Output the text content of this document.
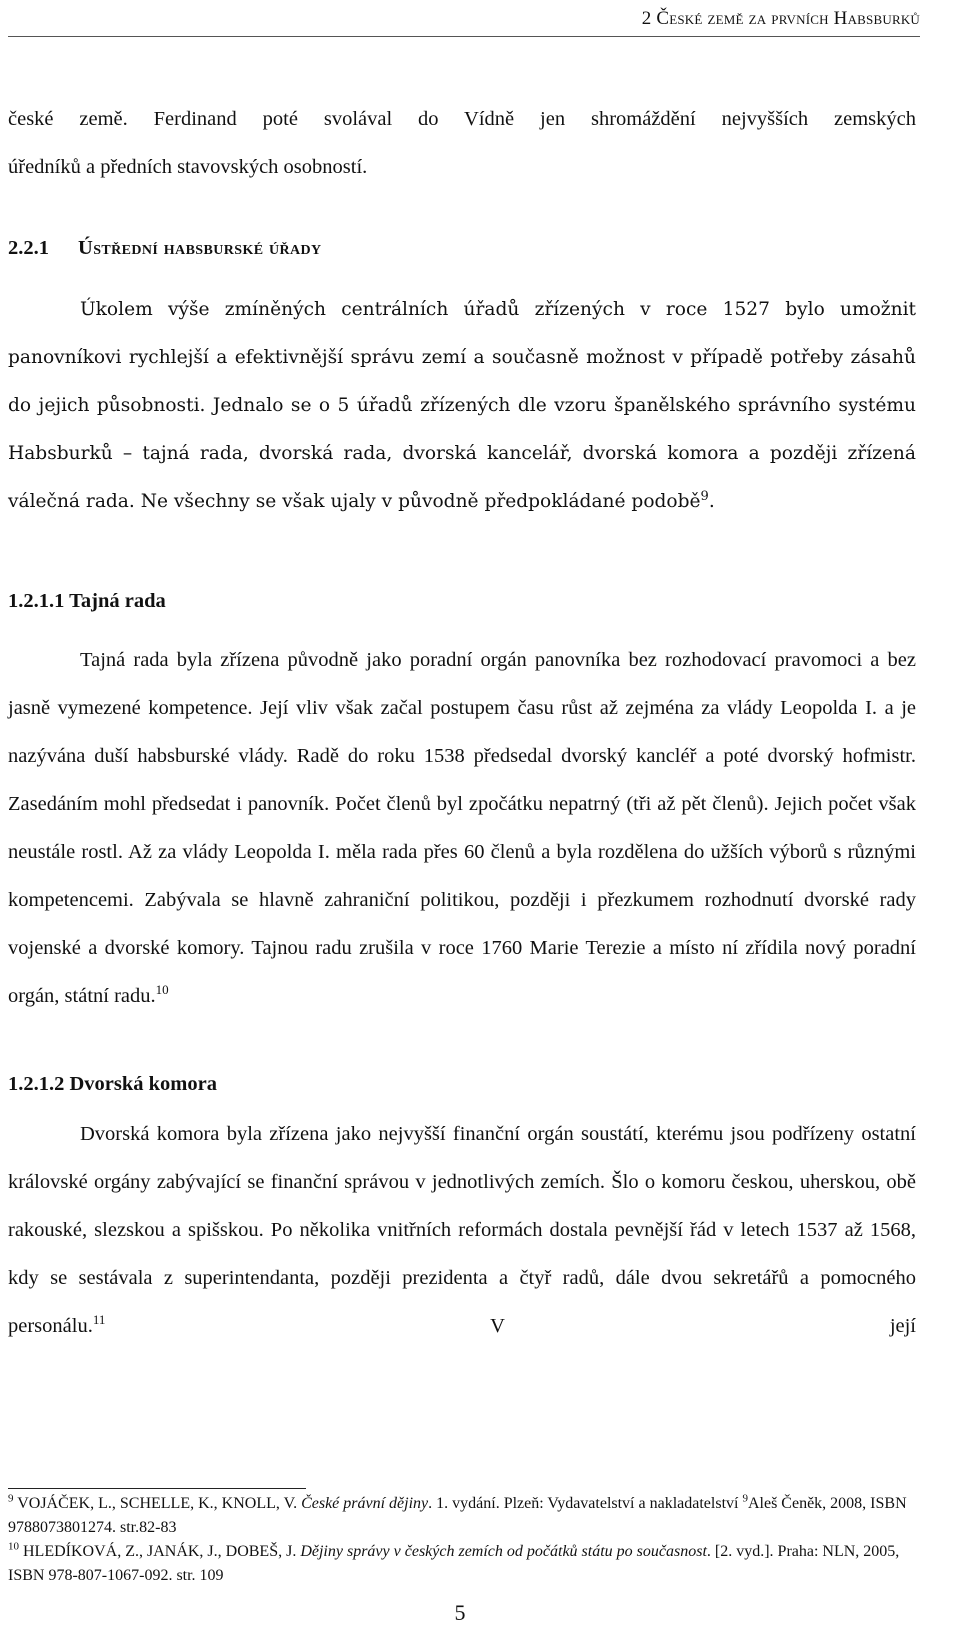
2 České země za prvních Habsburků

české země. Ferdinand poté svolával do Vídně jen shromáždění nejvyšších zemských

úředníků a předních stavovských osobností.

2.2.1 Ústřední habsburské úřady

Úkolem výše zmíněných centrálních úřadů zřízených v roce 1527 bylo umožnit panovníkovi rychlejší a efektivnější správu zemí a současně možnost v případě potřeby zásahů do jejich působnosti. Jednalo se o 5 úřadů zřízených dle vzoru španělského správního systému Habsburků – tajná rada, dvorská rada, dvorská kancelář, dvorská komora a později zřízená válečná rada. Ne všechny se však ujaly v původně předpokládané podobě$^9$.

1.2.1.1 Tajná rada

Tajná rada byla zřízena původně jako poradní orgán panovníka bez rozhodovací pravomoci a bez jasně vymezené kompetence. Její vliv však začal postupem času růst až zejména za vlády Leopolda I. a je nazývána duší habsburské vlády. Radě do roku 1538 předsedal dvorský kancléř a poté dvorský hofmistr. Zasedáním mohl předsedat i panovník. Počet členů byl zpočátku nepatrný (tři až pět členů). Jejich počet však neustále rostl. Až za vlády Leopolda I. měla rada přes 60 členů a byla rozdělena do užších výborů s různými kompetencemi. Zabývala se hlavně zahraniční politikou, později i přezkumem rozhodnutí dvorské rady vojenské a dvorské komory. Tajnou radu zrušila v roce 1760 Marie Terezie a místo ní zřídila nový poradní orgán, státní radu.$^{10}$

1.2.1.2 Dvorská komora

Dvorská komora byla zřízena jako nejvyšší finanční orgán soustátí, kterému jsou podřízeny ostatní královské orgány zabývající se finanční správou v jednotlivých zemích. Šlo o komoru českou, uherskou, obě rakouské, slezskou a spišskou. Po několika vnitřních reformách dostala pevnější řád v letech 1537 až 1568, kdy se sestávala z superintendanta, později prezidenta a čtyř radů, dále dvou sekretářů a pomocného personálu.$^{11}$ V její

$^9$ VOJÁČEK, L., SCHELLE, K., KNOLL, V. České právní dějiny. 1. vydání. Plzeň: Vydavatelství a nakladatelství $^9$Aleš Čeněk, 2008, ISBN 9788073801274. str.82-83

$^{10}$ HLEDÍKOVÁ, Z., JANÁK, J., DOBEŠ, J. Dějiny správy v českých zemích od počátků státu po současnost. [2. vyd.]. Praha: NLN, 2005, ISBN 978-807-1067-092. str. 109

5
